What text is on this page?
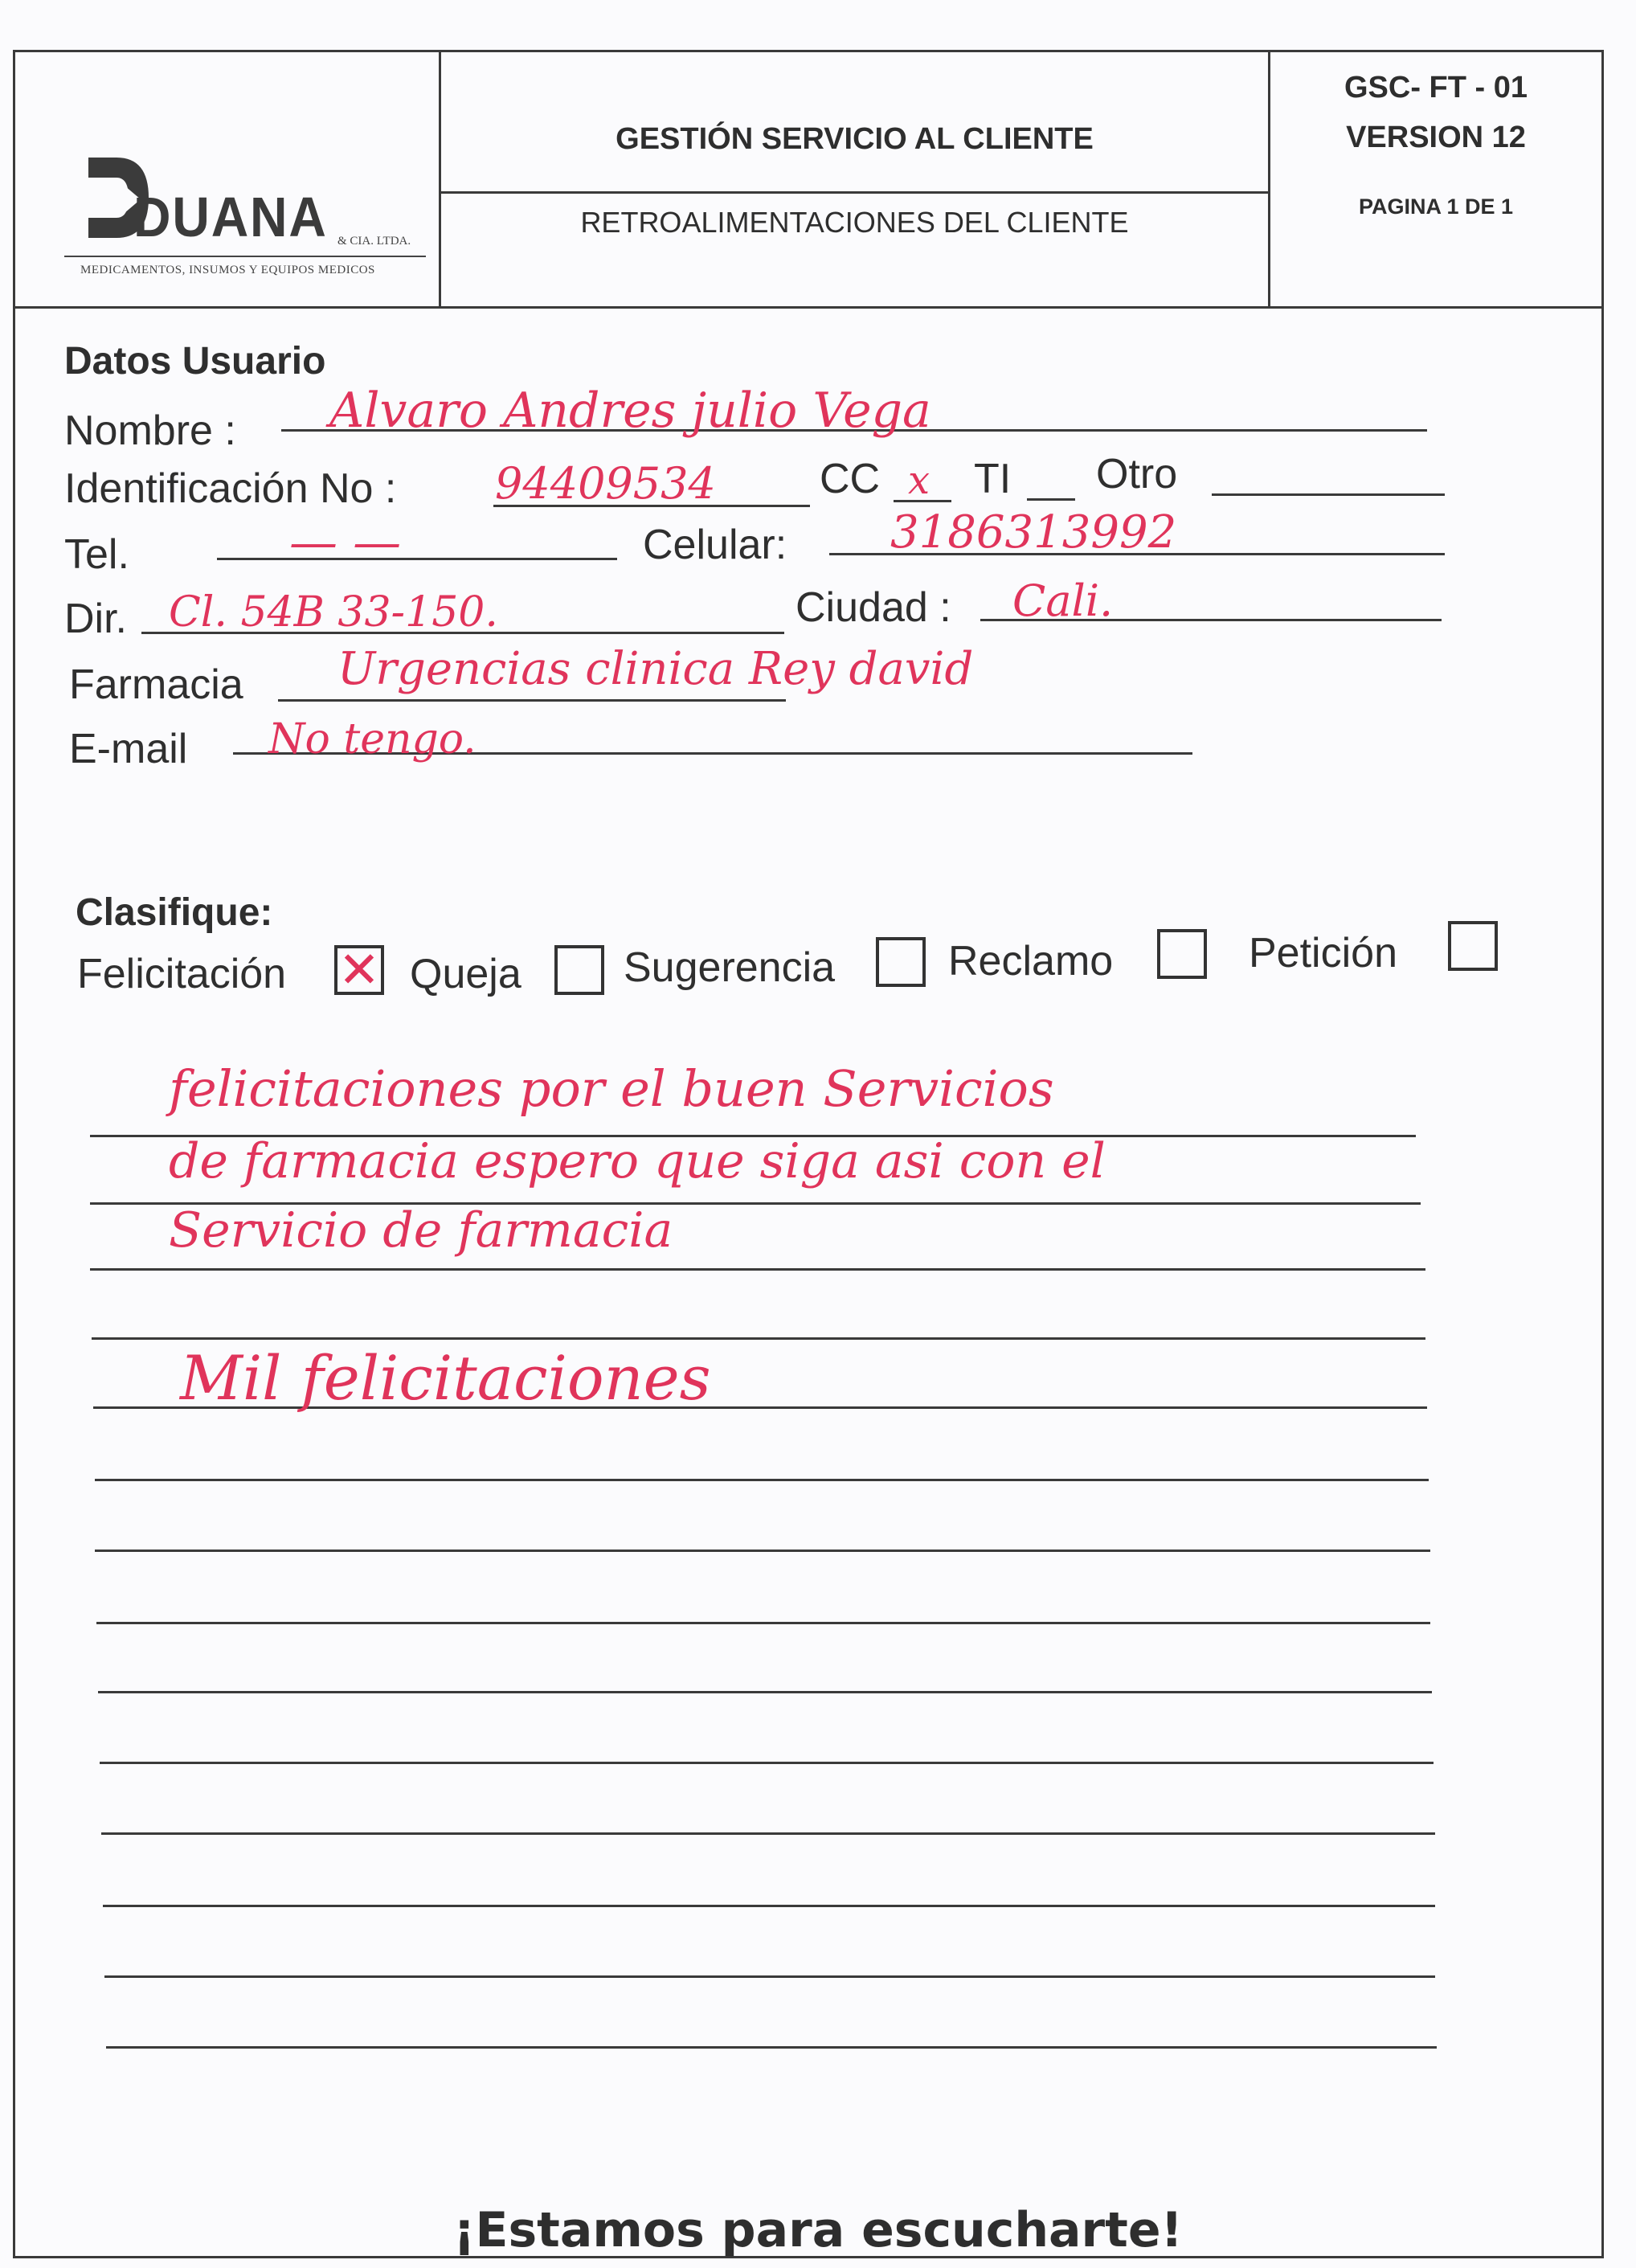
DUANA & CIA. LTDA.
MEDICAMENTOS, INSUMOS Y EQUIPOS MEDICOS
GESTIÓN SERVICIO AL CLIENTE
RETROALIMENTACIONES DEL CLIENTE
GSC- FT - 01
VERSION 12
PAGINA 1 DE 1
Datos Usuario
Nombre : Alvaro Andres julio Vega
Identificación No : 94409534 CC x TI Otro
Tel.	— —	Celular: 3186313992
Dir. Cl. 54B 33-150.	Ciudad : Cali.
Farmacia Urgencias clinica Rey david
E-mail No tengo.
Clasifique:
Felicitación ✕ Queja Sugerencia	Reclamo	Petición
felicitaciones por el buen Servicios
de farmacia espero que siga asi con el
Servicio de farmacia
Mil felicitaciones
¡Estamos para escucharte!
